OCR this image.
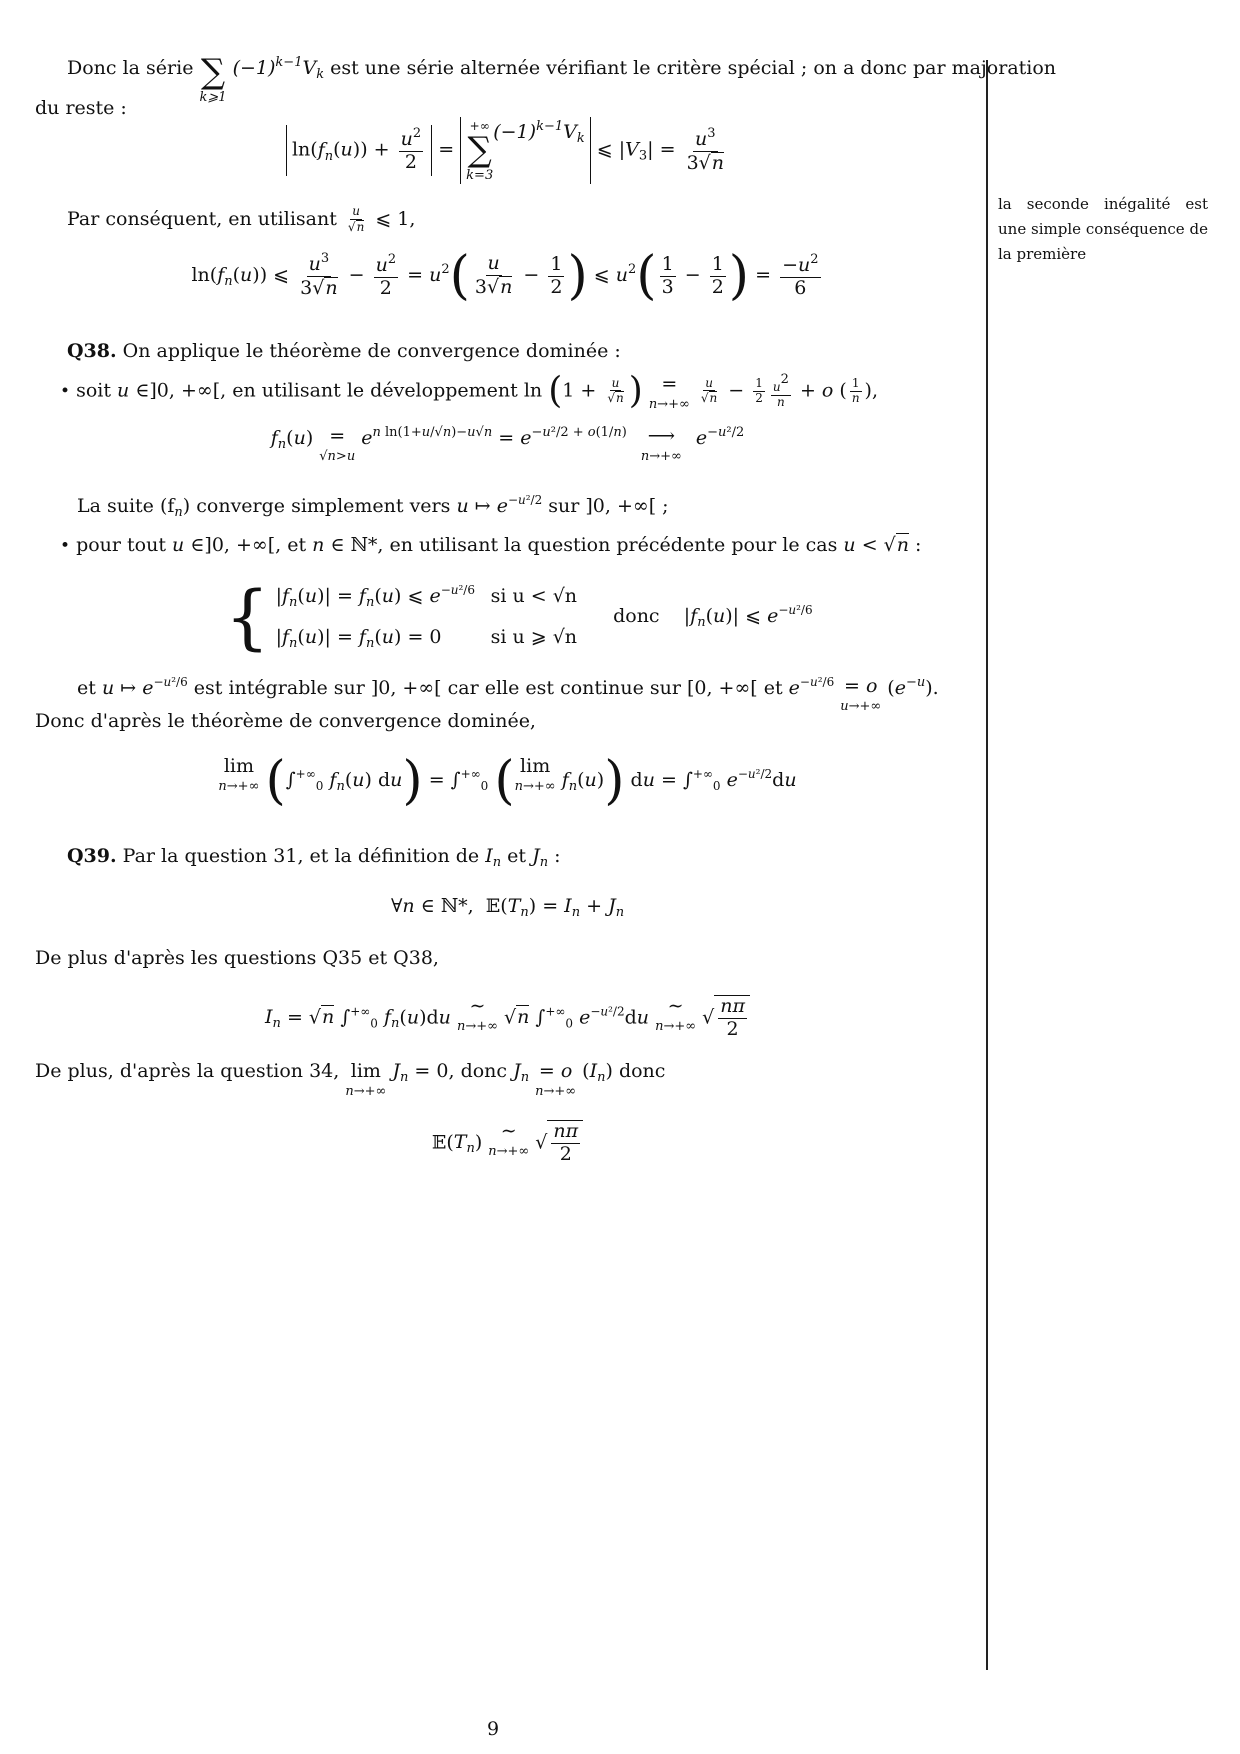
la seconde inégalité est une simple conséquence de la première
Donc la série ∑
k⩾1
$(-1)^{k-1}V_k$ est une série alternée vérifiant le critère spécial ; on a donc par majoration
du reste :
$\ln(f_n(u)) + \frac{u^2}{2}$ =
+∞
∑
k=3
$(-1)^{k-1}V_k$ ⩽ $|V_3| = \frac{u^3}{3√n}$
Par conséquent, en utilisant $\frac{u}{√n}$ ⩽ 1,
$\ln(f_n(u))$ ⩽ $\frac{u^3}{3√n} - \frac{u^2}{2} = u^2( \frac{u}{3√n} - \frac{1}{2}$ ) ⩽ $u^2( \frac{1}{3} - \frac{1}{2}$ ) = $\frac{-u^2}{6}$
Q38. On applique le théorème de convergence dominée :
• soit u ∈]0, +∞[, en utilisant le développement $\ln (1 + \frac{u}{√n}$ ) =
n→+∞
$\frac{u}{√n} - \frac{1}{2} \frac{u2}{n} + o$ ( $\frac{1}{n}$ ),
$f_n(u)$ =
√n>u
$e^{n ln(1+u/√n)-u√n} = e^{-u^2/2 + o(1/n)}$ ⟶
n→+∞
$e^{-u^2/2}$
La suite $(f_n)$ converge simplement vers u ↦ $e^{-u^2/2}$ sur ]0, +∞[ ;
• pour tout u ∈]0, +∞[, et n ∈ ℕ*, en utilisant la question précédente pour le cas u < √n :
{ $|f_n(u)| = f_n(u)$ ⩽ $e^{-u^2/6}$ si u < √n
$|f_n(u)| = f_n(u) = 0$	si u ⩾ √n donc    $|f_n(u)|$ ⩽ $e^{-u^2/6}$
et u ↦ $e^{-u^2/6}$ est intégrable sur ]0, +∞[ car elle est continue sur [0, +∞[ et $e^{-u^2/6} = o$
u→+∞
$(e^{-u})$.
Donc d'après le théorème de convergence dominée,
lim
n→+∞ ($\int^{+\infty}_0$ $f_n(u) du) = \int^{+\infty}_0$ ( lim
n→+∞ $f_n(u)$) du = $\int^{+\infty}_0$ $e^{-u^2/2}du$
Q39. Par la question 31, et la définition de $I_n$ et $J_n$ :
∀n ∈ ℕ*,  $𝔼(T_n) = I_n + J_n$
De plus d'après les questions Q35 et Q38,
$I_n = √n$ $\int^{+\infty}_0$ $f_n(u)du$
∼
n→+∞ √n $\int^{+\infty}_0$ $e^{-u^2/2}du$
∼
n→+∞ √ $\frac{n\pi}{2}$
De plus, d'après la question 34, lim
n→+∞
$J_n = 0$, donc $J_n = o$
n→+∞
$(I_n)$ donc
$𝔼(T_n)$
∼
n→+∞ √ $\frac{n\pi}{2}$
9
